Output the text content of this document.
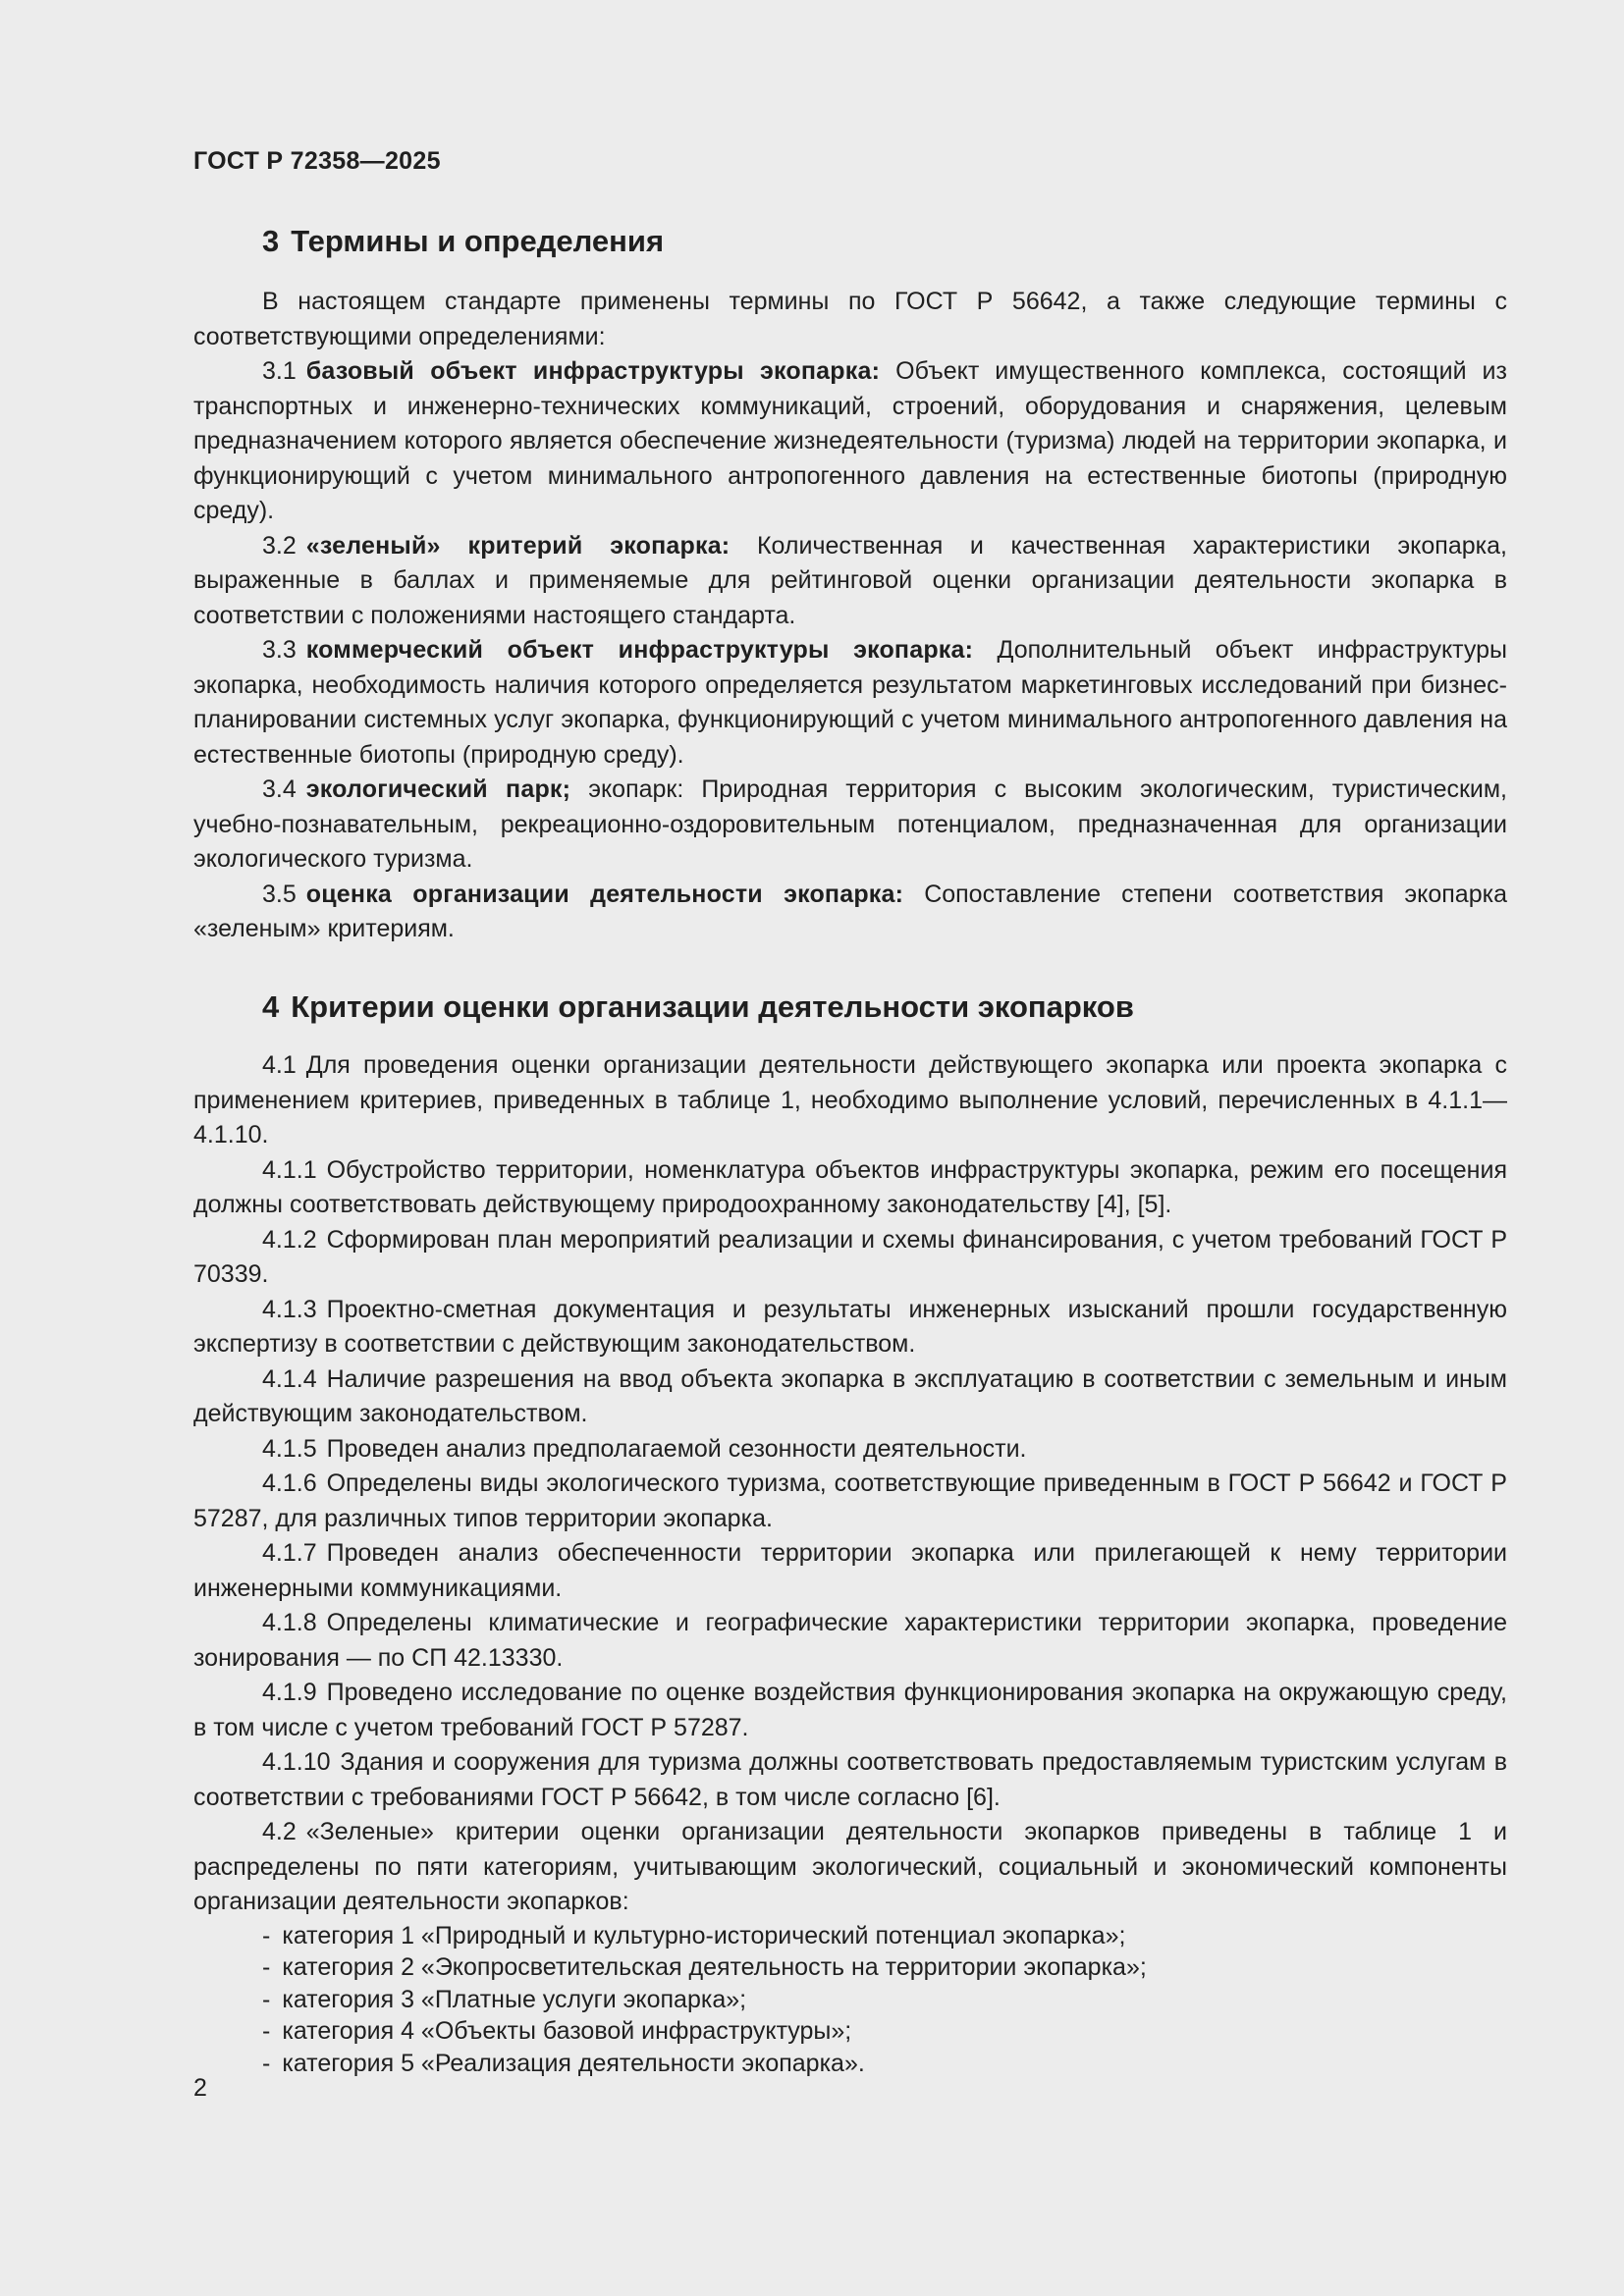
ГОСТ Р 72358—2025
3 Термины и определения

В настоящем стандарте применены термины по ГОСТ Р 56642, а также следующие термины с соответствующими определениями:

3.1 базовый объект инфраструктуры экопарка: Объект имущественного комплекса, состоящий из транспортных и инженерно-технических коммуникаций, строений, оборудования и снаряжения, целевым предназначением которого является обеспечение жизнедеятельности (туризма) людей на территории экопарка, и функционирующий с учетом минимального антропогенного давления на естественные биотопы (природную среду).

3.2 «зеленый» критерий экопарка: Количественная и качественная характеристики экопарка, выраженные в баллах и применяемые для рейтинговой оценки организации деятельности экопарка в соответствии с положениями настоящего стандарта.

3.3 коммерческий объект инфраструктуры экопарка: Дополнительный объект инфраструктуры экопарка, необходимость наличия которого определяется результатом маркетинговых исследований при бизнес-планировании системных услуг экопарка, функционирующий с учетом минимального антропогенного давления на естественные биотопы (природную среду).

3.4 экологический парк; экопарк: Природная территория с высоким экологическим, туристическим, учебно-познавательным, рекреационно-оздоровительным потенциалом, предназначенная для организации экологического туризма.

3.5 оценка организации деятельности экопарка: Сопоставление степени соответствия экопарка «зеленым» критериям.

4 Критерии оценки организации деятельности экопарков

4.1 Для проведения оценки организации деятельности действующего экопарка или проекта экопарка с применением критериев, приведенных в таблице 1, необходимо выполнение условий, перечисленных в 4.1.1—4.1.10.

4.1.1 Обустройство территории, номенклатура объектов инфраструктуры экопарка, режим его посещения должны соответствовать действующему природоохранному законодательству [4], [5].

4.1.2 Сформирован план мероприятий реализации и схемы финансирования, с учетом требований ГОСТ Р 70339.

4.1.3 Проектно-сметная документация и результаты инженерных изысканий прошли государственную экспертизу в соответствии с действующим законодательством.

4.1.4 Наличие разрешения на ввод объекта экопарка в эксплуатацию в соответствии с земельным и иным действующим законодательством.

4.1.5 Проведен анализ предполагаемой сезонности деятельности.

4.1.6 Определены виды экологического туризма, соответствующие приведенным в ГОСТ Р 56642 и ГОСТ Р 57287, для различных типов территории экопарка.

4.1.7 Проведен анализ обеспеченности территории экопарка или прилегающей к нему территории инженерными коммуникациями.

4.1.8 Определены климатические и географические характеристики территории экопарка, проведение зонирования — по СП 42.13330.

4.1.9 Проведено исследование по оценке воздействия функционирования экопарка на окружающую среду, в том числе с учетом требований ГОСТ Р 57287.

4.1.10 Здания и сооружения для туризма должны соответствовать предоставляемым туристским услугам в соответствии с требованиями ГОСТ Р 56642, в том числе согласно [6].

4.2 «Зеленые» критерии оценки организации деятельности экопарков приведены в таблице 1 и распределены по пяти категориям, учитывающим экологический, социальный и экономический компоненты организации деятельности экопарков:

- категория 1 «Природный и культурно-исторический потенциал экопарка»;
- категория 2 «Экопросветительская деятельность на территории экопарка»;
- категория 3 «Платные услуги экопарка»;
- категория 4 «Объекты базовой инфраструктуры»;
- категория 5 «Реализация деятельности экопарка».
2
